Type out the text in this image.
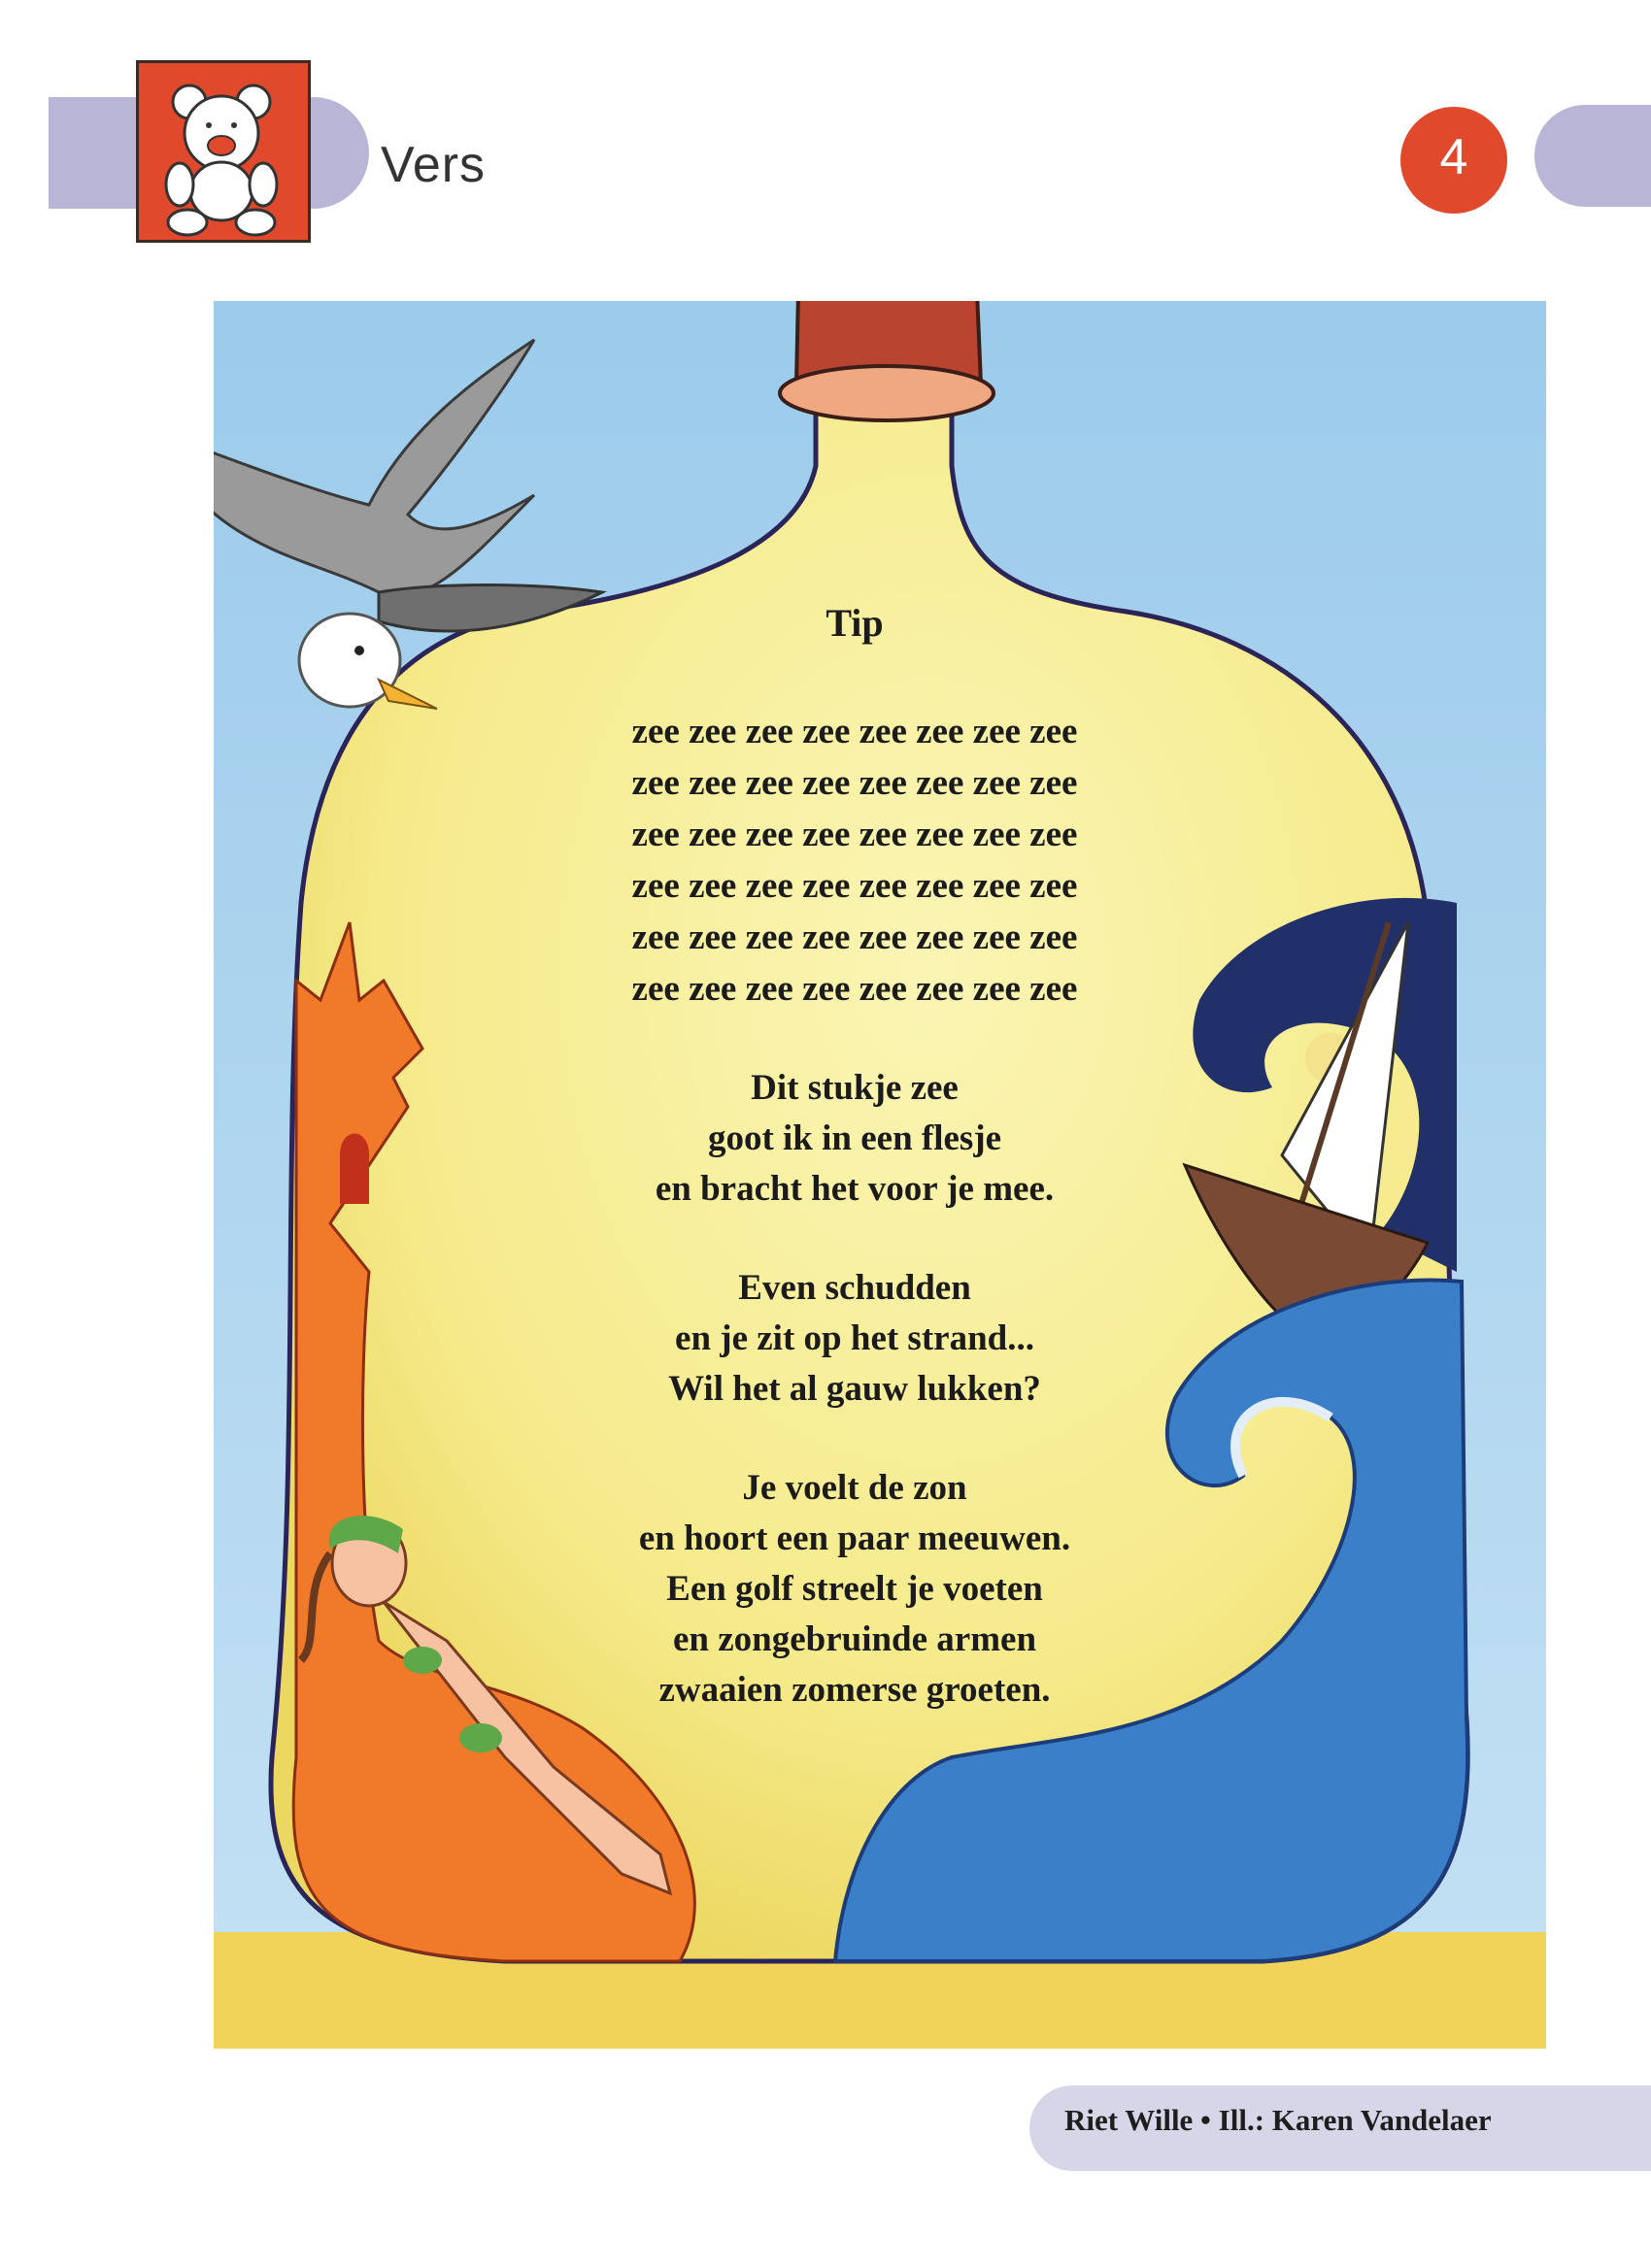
Vers	4
Tip
zee zee zee zee zee zee zee zee
zee zee zee zee zee zee zee zee
zee zee zee zee zee zee zee zee
zee zee zee zee zee zee zee zee
zee zee zee zee zee zee zee zee
zee zee zee zee zee zee zee zee
Dit stukje zee
goot ik in een flesje
en bracht het voor je mee.
Even schudden
en je zit op het strand...
Wil het al gauw lukken?
Je voelt de zon
en hoort een paar meeuwen.
Een golf streelt je voeten
en zongebruinde armen
zwaaien zomerse groeten.
Riet Wille • Ill.: Karen Vandelaer
